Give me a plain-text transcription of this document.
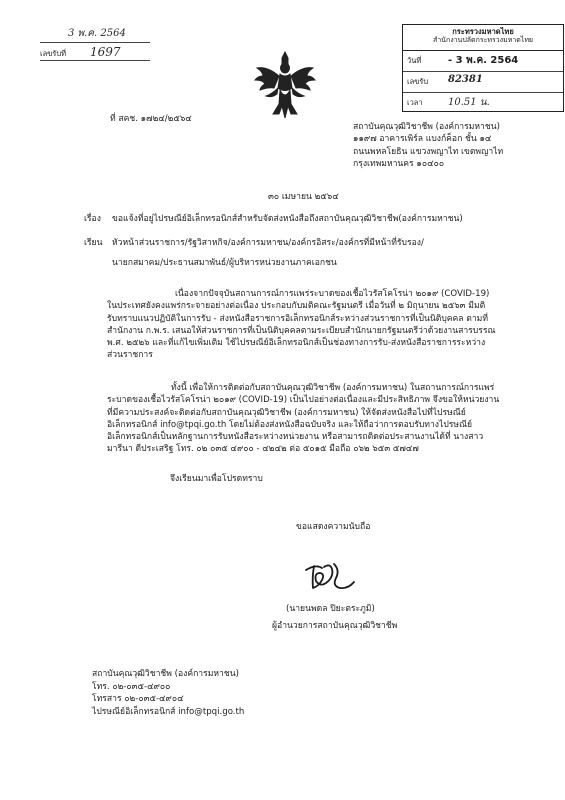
3 พ.ค. 2564
เลขรับที่ 1697
กระทรวงมหาดไทย
สำนักงานปลัดกระทรวงมหาดไทย
วันที่	- 3 พ.ค. 2564
เลขรับ 82381
เวลา	10.51 น.
ที่ สคช. ๑๗๒๔/๒๕๖๔

สถาบันคุณวุฒิวิชาชีพ (องค์การมหาชน)

๑๑๙๗ อาคารเพิร์ล แบงก์ค็อก ชั้น ๑๔

ถนนพหลโยธิน แขวงพญาไท เขตพญาไท

กรุงเทพมหานคร ๑๐๔๐๐

๓๐ เมษายน ๒๕๖๔
เรื่อง ขอแจ้งที่อยู่ไปรษณีย์อิเล็กทรอนิกส์สำหรับจัดส่งหนังสือถึงสถาบันคุณวุฒิวิชาชีพ(องค์การมหาชน)
เรียน หัวหน้าส่วนราชการ/รัฐวิสาหกิจ/องค์การมหาชน/องค์กรอิสระ/องค์กรที่มีหน้าที่รับรอง/
นายกสมาคม/ประธานสมาพันธ์/ผู้บริหารหน่วยงานภาคเอกชน

เนื่องจากปัจจุบันสถานการณ์การแพร่ระบาดของเชื้อไวรัสโคโรน่า ๒๐๑๙ (COVID-19)

ในประเทศยังคงแพร่กระจายอย่างต่อเนื่อง ประกอบกับมติคณะรัฐมนตรี เมื่อวันที่ ๒ มิถุนายน ๒๕๖๓ มีมติ

รับทราบแนวปฏิบัติในการรับ - ส่งหนังสือราชการอิเล็กทรอนิกส์ระหว่างส่วนราชการที่เป็นนิติบุคคล ตามที่

สำนักงาน ก.พ.ร. เสนอให้ส่วนราชการที่เป็นนิติบุคคลตามระเบียบสำนักนายกรัฐมนตรีว่าด้วยงานสารบรรณ

พ.ศ. ๒๕๒๖ และที่แก้ไขเพิ่มเติม ใช้ไปรษณีย์อิเล็กทรอนิกส์เป็นช่องทางการรับ-ส่งหนังสือราชการระหว่าง

ส่วนราชการ

ทั้งนี้ เพื่อให้การติดต่อกับสถาบันคุณวุฒิวิชาชีพ (องค์การมหาชน) ในสถานการณ์การแพร่

ระบาดของเชื้อไวรัสโคโรน่า ๒๐๑๙ (COVID-19) เป็นไปอย่างต่อเนื่องและมีประสิทธิภาพ จึงขอให้หน่วยงาน

ที่มีความประสงค์จะติดต่อกับสถาบันคุณวุฒิวิชาชีพ (องค์การมหาชน) ให้จัดส่งหนังสือไปที่ไปรษณีย์

อิเล็กทรอนิกส์ info@tpqi.go.th โดยไม่ต้องส่งหนังสือฉบับจริง และให้ถือว่าการตอบรับทางไปรษณีย์

อิเล็กทรอนิกส์เป็นหลักฐานการรับหนังสือระหว่างหน่วยงาน หรือสามารถติดต่อประสานงานได้ที่ นางสาว

มารีนา ดีประเสริฐ โทร. ๐๒ ๐๓๕ ๔๙๐๐ - ๔๒๔๒ ต่อ ๕๐๑๕ มือถือ ๐๖๒ ๖๕๓ ๕๗๔๗

จึงเรียนมาเพื่อโปรดทราบ
ขอแสดงความนับถือ
(นายนพดล ปิยะตระภูมิ)
ผู้อำนวยการสถาบันคุณวุฒิวิชาชีพ

สถาบันคุณวุฒิวิชาชีพ (องค์การมหาชน)

โทร. ๐๒-๐๓๕-๔๙๐๐

โทรสาร ๐๒-๐๓๕-๔๙๐๔

ไปรษณีย์อิเล็กทรอนิกส์ info@tpqi.go.th
